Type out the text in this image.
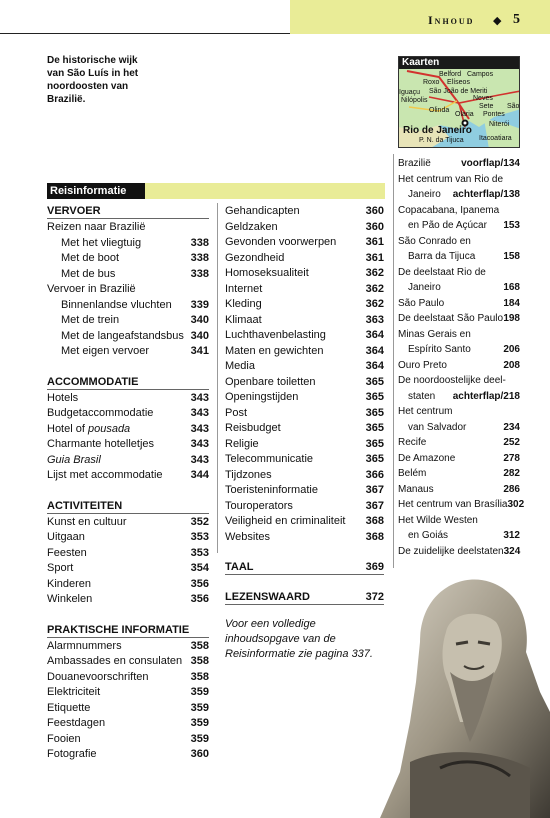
Inhoud ◆ 5
De historische wijk van São Luís in het noordoosten van Brazilië.
Kaarten
Belford Campos
Roxo Elíseos
São João de Meriti
Neves
Nilópolis
Olinda
Sete
Pontes
Rio de Janeiro
Niterói
P. N. da Tijuca Itacoatiara
Iguaçu
Olaria
São
Reisinformatie
VERVOER
Reizen naar Brazilië
Met het vliegtuig	338
Met de boot	338
Met de bus	338
Vervoer in Brazilië
Binnenlandse vluchten 339
Met de trein	340
Met de langeafstandsbus 340
Met eigen vervoer	341
ACCOMMODATIE
Hotels	343
Budgetaccommodatie	343
Hotel of pousada	343
Charmante hotelletjes	343
Guia Brasil	343
Lijst met accommodatie	344
ACTIVITEITEN
Kunst en cultuur	352
Uitgaan	353
Feesten	353
Sport	354
Kinderen	356
Winkelen	356
PRAKTISCHE INFORMATIE
Alarmnummers	358
Ambassades en consulaten 358
Douanevoorschriften	358
Elektriciteit	359
Etiquette	359
Feestdagen	359
Fooien	359
Fotografie	360
Gehandicapten	360
Geldzaken	360
Gevonden voorwerpen	361
Gezondheid	361
Homoseksualiteit	362
Internet	362
Kleding	362
Klimaat	363
Luchthavenbelasting	364
Maten en gewichten	364
Media	364
Openbare toiletten	365
Openingstijden	365
Post	365
Reisbudget	365
Religie	365
Telecommunicatie	365
Tijdzones	366
Toeristeninformatie	367
Touroperators	367
Veiligheid en criminaliteit 368
Websites	368
TAAL	369
LEZENSWAARD	372
Voor een volledige inhoudsopgave van de Reisinformatie zie pagina 337.
Brazilië	voorflap/134
Het centrum van Rio de
Janeiro achterflap/138
Copacabana, Ipanema
en Pão de Açúcar 153
São Conrado en
Barra da Tijuca	158
De deelstaat Rio de
Janeiro	168
São Paulo	184
De deelstaat São Paulo 198
Minas Gerais en
Espírito Santo	206
Ouro Preto	208
De noordoostelijke deel-
staten achterflap/218
Het centrum
van Salvador	234
Recife	252
De Amazone	278
Belém	282
Manaus	286
Het centrum van Brasília 302
Het Wilde Westen
en Goiás	312
De zuidelijke deelstaten 324
